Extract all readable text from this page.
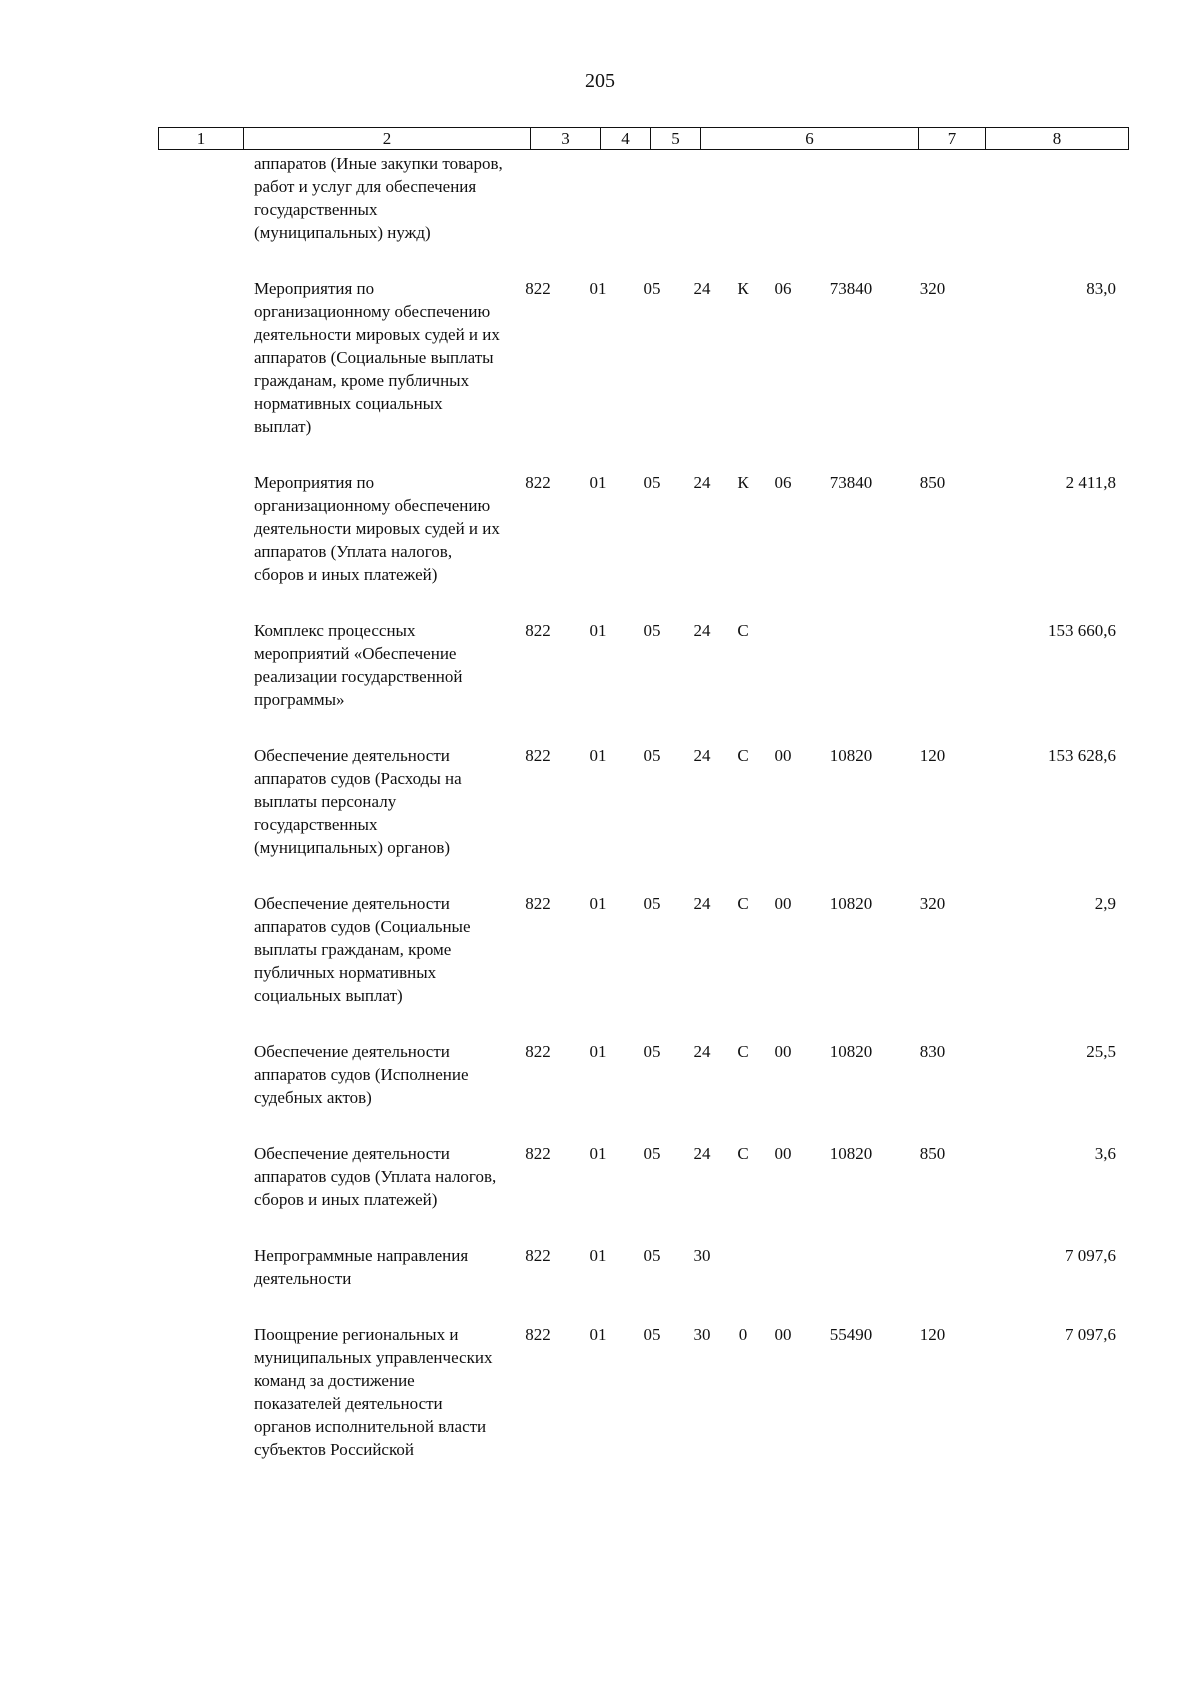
205
1	2	3	4	5	6	7	8
аппаратов (Иные закупки товаров, работ и услуг для обеспечения государственных (муниципальных) нужд)									
Мероприятия по организационному обеспечению деятельности мировых судей и их аппаратов (Социальные выплаты гражданам, кроме публичных нормативных социальных выплат)	822	01	05	24	К	06	73840	320	83,0
Мероприятия по организационному обеспечению деятельности мировых судей и их аппаратов (Уплата налогов, сборов и иных платежей)	822	01	05	24	К	06	73840	850	2 411,8
Комплекс процессных мероприятий «Обеспечение реализации государственной программы»	822	01	05	24	С				153 660,6
Обеспечение деятельности аппаратов судов (Расходы на выплаты персоналу государственных (муниципальных) органов)	822	01	05	24	С	00	10820	120	153 628,6
Обеспечение деятельности аппаратов судов (Социальные выплаты гражданам, кроме публичных нормативных социальных выплат)	822	01	05	24	С	00	10820	320	2,9
Обеспечение деятельности аппаратов судов (Исполнение судебных актов)	822	01	05	24	С	00	10820	830	25,5
Обеспечение деятельности аппаратов судов (Уплата налогов, сборов и иных платежей)	822	01	05	24	С	00	10820	850	3,6
Непрограммные направления деятельности	822	01	05	30					7 097,6
Поощрение региональных и муниципальных управленческих команд за достижение показателей деятельности органов исполнительной власти субъектов Российской	822	01	05	30	0	00	55490	120	7 097,6
